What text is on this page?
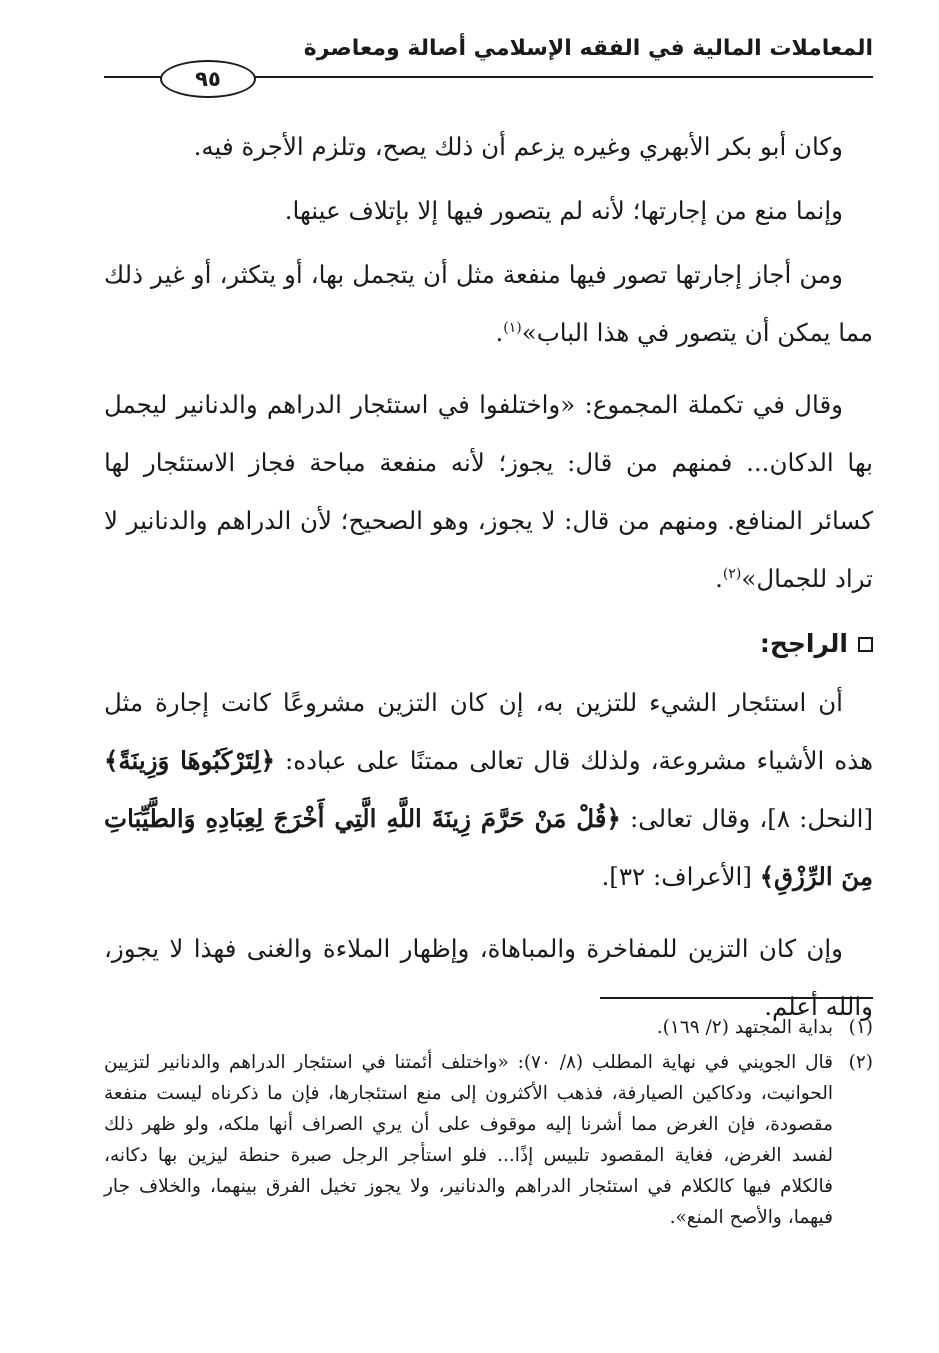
المعاملات المالية في الفقه الإسلامي أصالة ومعاصرة
٩٥

وكان أبو بكر الأبهري وغيره يزعم أن ذلك يصح، وتلزم الأجرة فيه.

وإنما منع من إجارتها؛ لأنه لم يتصور فيها إلا بإتلاف عينها.

ومن أجاز إجارتها تصور فيها منفعة مثل أن يتجمل بها، أو يتكثر، أو غير ذلك مما يمكن أن يتصور في هذا الباب»$^{(١)}$.

وقال في تكملة المجموع: «واختلفوا في استئجار الدراهم والدنانير ليجمل بها الدكان... فمنهم من قال: يجوز؛ لأنه منفعة مباحة فجاز الاستئجار لها كسائر المنافع. ومنهم من قال: لا يجوز، وهو الصحيح؛ لأن الدراهم والدنانير لا تراد للجمال»$^{(٢)}$.

الراجح:

أن استئجار الشيء للتزين به، إن كان التزين مشروعًا كانت إجارة مثل هذه الأشياء مشروعة، ولذلك قال تعالى ممتنًا على عباده: ﴿لِتَرْكَبُوهَا وَزِينَةً﴾ [النحل: ٨]، وقال تعالى: ﴿قُلْ مَنْ حَرَّمَ زِينَةَ اللَّهِ الَّتِي أَخْرَجَ لِعِبَادِهِ وَالطَّيِّبَاتِ مِنَ الرِّزْقِ﴾ [الأعراف: ٣٢].

وإن كان التزين للمفاخرة والمباهاة، وإظهار الملاءة والغنى فهذا لا يجوز، والله أعلم.

(١)
بداية المجتهد (٢/ ١٦٩).
(٢)
قال الجويني في نهاية المطلب (٨/ ٧٠): «واختلف أئمتنا في استئجار الدراهم والدنانير لتزيين الحوانيت، ودكاكين الصيارفة، فذهب الأكثرون إلى منع استئجارها، فإن ما ذكرناه ليست منفعة مقصودة، فإن الغرض مما أشرنا إليه موقوف على أن يري الصراف أنها ملكه، ولو ظهر ذلك لفسد الغرض، فغاية المقصود تلبيس إذًا... فلو استأجر الرجل صبرة حنطة ليزين بها دكانه، فالكلام فيها كالكلام في استئجار الدراهم والدنانير، ولا يجوز تخيل الفرق بينهما، والخلاف جار فيهما، والأصح المنع».
